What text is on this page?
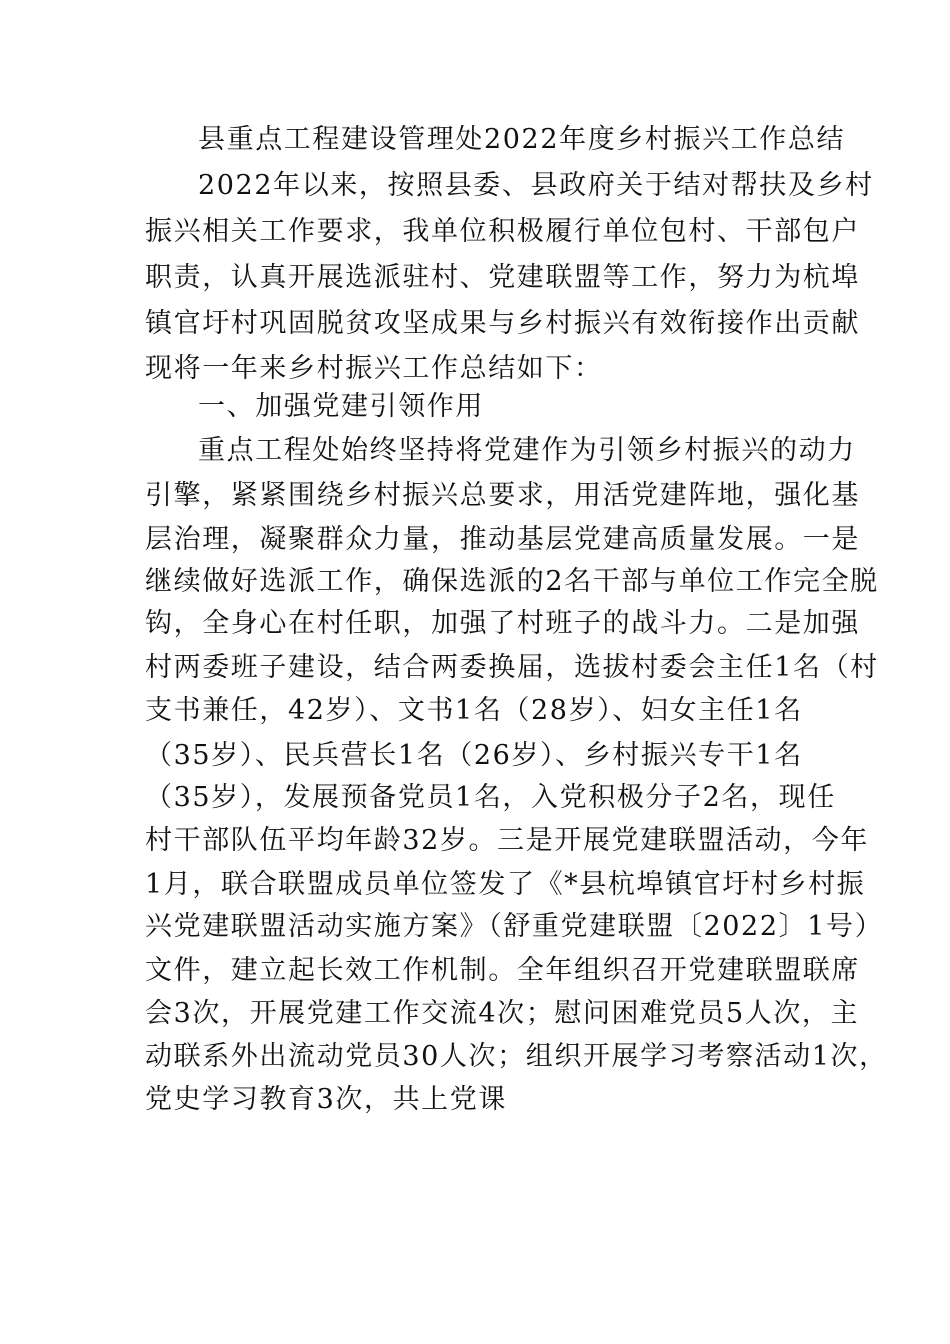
县重点工程建设管理处2022年度乡村振兴工作总结
2022年以来，按照县委、县政府关于结对帮扶及乡村
振兴相关工作要求，我单位积极履行单位包村、干部包户
职责，认真开展选派驻村、党建联盟等工作，努力为杭埠
镇官圩村巩固脱贫攻坚成果与乡村振兴有效衔接作出贡献
现将一年来乡村振兴工作总结如下：
一、加强党建引领作用
重点工程处始终坚持将党建作为引领乡村振兴的动力
引擎，紧紧围绕乡村振兴总要求，用活党建阵地，强化基
层治理，凝聚群众力量，推动基层党建高质量发展。一是
继续做好选派工作，确保选派的2名干部与单位工作完全脱
钩，全身心在村任职，加强了村班子的战斗力。二是加强
村两委班子建设，结合两委换届，选拔村委会主任1名（村
支书兼任，42岁）、文书1名（28岁）、妇女主任1名
（35岁）、民兵营长1名（26岁）、乡村振兴专干1名
（35岁），发展预备党员1名，入党积极分子2名，现任
村干部队伍平均年龄32岁。三是开展党建联盟活动，今年
1月，联合联盟成员单位签发了《*县杭埠镇官圩村乡村振
兴党建联盟活动实施方案》（舒重党建联盟〔2022〕1号）
文件，建立起长效工作机制。全年组织召开党建联盟联席
会3次，开展党建工作交流4次；慰问困难党员5人次，主
动联系外出流动党员30人次；组织开展学习考察活动1次，
党史学习教育3次，共上党课
